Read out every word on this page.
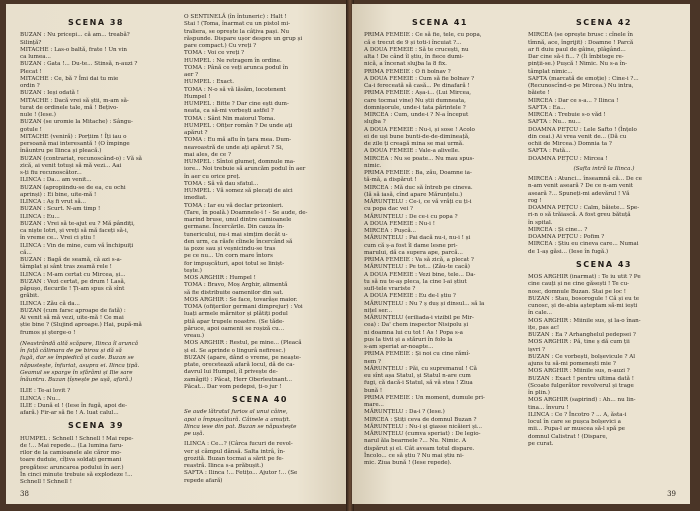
SCENA 38

BUZAN : Nu pricepi... că am... treabă?

Silință?

MITACHE : Las-o baltă, frate ! Un vin

ca lumea...

BUZAN : Gata !... Du-te... Stinsă, n-auzi ?

Plecat !

MITACHE : Ce, bă ? Îmi dai tu mie

ordin ?

BUZAN : Ieși odată !

MITACHE : Dacă vrei să știi, m-am să-

turat de ordinele tale, mă ! Bețivo-

nule ! (Iese.)

BUZAN (se uromie la Mitache) : Sângu-

gotule !

MITACHE (veniră) : Porțiim ! Îți iau o

persoană mai interesantă ! (O împinge

înăuntru pe Ilinca și pleacă.)

BUZAN (contrariat, recunoscând-o) : Vă să

zică, ai venit totuși să mă vezi... Aai

s-ți fiu recunoscător...

ILINCA : Da... am venit...

BUZAN (apropiindu-se de ea, cu ochi

aprinși) : Ei bine, uite-mă !

ILINCA : Aș fi vrut să...

BUZAN : Scurt. N-am timp !

ILINCA : Eu...

BUZAN : Vrei să te-ajut eu ? Mă pândiți,

ca niște lotri, și vreți să mă faceți să-i,

în vreme ce... Vrei ci știu !

ILINCA : Vin de mine, cum vă închipuiți

că...

BUZAN : Bagă de seamă, că azi s-a-

tâmplat și sânt tras zeamă rele !

ILINCA : M-am certat cu Mircea, și...

BUZAN : Vezi certat, pe drum ! Lasă,

păpușo, flecurile ! Ți-am spus că sînt

grăbit.

ILINCA : Zău că da...

BUZAN (cum farsc aproape de fată) :

Ai venit să mă vezi, uite-mă ! Ce mai

știe bine ? (Slujind aproape.) Hai, pupă-mă

frumos și șterge-o !

(Neastrândă altă scăpare, Ilinca îl aruncă

în față câlimara de pe birou și dă să

fugă, dar se împiedică și cade. Buzan se

năpustește, înfuriat, asupra ei. Ilinca țipă.

Geamul se sparge în sfărâmi și Ilie sare

înăuntru. Buzan țîșnește pe ușă, afară.)

ILIE : Te-ai lovit ?

ILINCA : Nu...

ILIE : Dună el ! (Iese în fugă, apoi de-

afară.) Fir-ar să fie ! A. luat calul...

SCENA 39

HUMPEL : Schnell ! Schnell ! Mai repe-

de !... Mai repede... (La lumina faru-

rilor de la camioanele ale căror mo-

toare duduie, cîțiva soldați germani

pregătesc aruncarea podului în aer.)

În cinci minute trebuie să explodeze !...

Schnell ! Schnell !

O SENTINELĂ (în întuneric) : Halt !

Stai ! (Toma, înarmat cu un pistol mi-

traliera, se oprește la câțiva pași. Nu

răspunde. Dispare ușor despre un grup și

pare compact.) Cu vreți ?

TOMA : Voi ce vreți ?

HUMPEL : Ne retragem în ordine.

TOMA : Până ce veți arunca podul în

aer ?

HUMPEL : Exact.

TOMA : N-o să vă lăsăm, locotenent

Humpel !

HUMPEL : Bitte ? Dar cine ești dum-

neata, ca să-mi vorbești astfel ?

TOMA : Sânt Nin maiorul Toma.

HUMPEL : Ofițer român ? De unde ați

apărut ?

TOMA : Eu mă aflu în țara mea. Dum-

neavoastră de unde ați apărut ? Si,

mai ales, de ce ?

HUMPEL : Sîntoi glumeț, domnule ma-

iore... Noi trebuie să aruncăm podul în aer

în aer cu orice preț.

TOMA : Să vă dau sfatul...

HUMPEL : Vă somez să plecați de aici

imediat.

TOMA : Iar eu vă declar prizonieri.

(Tare, în poală.) Doamnele-i ! - Se aude, de-

marind bruse, unul dintre camioanele

germane. Încercările. Din cauza în-

tunericului, nu-i mai simțim decât u-

den urm, ca răsfe cîinele încercând să

ia poze sau și veșnicindu-se tras

pe ce nu... Un corn mare întors

for impușcături, apoi totul se linișt-

tește.)

MOS ARGHIR : Humpel !

TOMA : Bravo, Moș Arghir, alimentă

să fie distribuite oamenilor din sat.

MOS ARGHIR : Se face, tovarășe maior.

TOMA (ofițerilor germani dimprejur) : Voi

luați armele mărnitor și plătiți podul

ptiă apar trupele noastre. (Se tăde-

păruce, apoi oamenii se roșiză cu...

vreau.)

MOS ARGHIR : Restul, pe mine... (Pleacă

și el. Se aprinde o lingurâ nefiresc.)

BUZAN (apare, dând o vreme, pe neaște-

ptate, orecetează afară locul, dă de ca-

davrul lui Humpel, îl privește de-

zamăgit) : Păcat, Herr Oberleutnant...

Păcat... Dar vom pedepsi, ți-o jur !

SCENA 40

Se aude lătratul furios al unui câine,

apoi o împușcătură. Câinele a amuțit.

Ilinca iese din pat. Buzan se năpustește

pe ușă.

ILINCA : Ce...? (Cârca fucuri de revol-

ver și câmpul dânsă. Salta intrâ, în-

grozită. Buzan tocmai a sărit pe fe-

reastră. Ilinca s-a prăbușit.)

SAFTA : Ilinca !... Fetițo... Ajutor !... (Se

repede afară)

38

SCENA 41

PRIMA FEMEIE : Ce să fie, tele, cu popa,

că e trecut de 9 și toti-i încuiat ?...

A DOUA FEMEIE : Să te crucești, nu

alta ! De când îl știu, în fiece dumi-

nică, a încenat slujba la 8 fix.

PRIMA FEMEIE : O fi bolnav ?

A DOUA FEMEIE : Cum să fie bolnav ?

Ca-i fereceată să casă... Pe dinafară !

PRIMA FEMEIE : Așa-i... (Lui Mircea,

care tocmai vine) Nu știi dumneata,

domnișorule, unde-i tata părintele ?

MIRCEA : Cum, unde-i ? N-a început

slujba ?

A DOUA FEMEIE : Nu-i, și sose ! Acolo

ei de uși bune bunti-de-de-dimineață,

de zile ți creagă mina se mai urmă.

A DOUA FEMEIE : Vale-a alivelle.

MIRCEA : Nu se poate... Nu mau spus-

nimic.

PRIMA FEMEIE : Ba, zău, Doamne ia-

tă-mă, a dispărut !

MIRCEA : Mă duc să întreb pe cineva.

(Iă să iasă, cînd apare Mărunțelu.)

MĂRUNȚELU : Ce-i, ce vă vrăți cu ți-i

cu popa dac vei ?

MĂRUNȚELU : De ce-i cu popa ?

A DOUA FEMEIE : Nu-i !

MIRCEA : Pușcă...

MĂRUNȚELU : Pai dacă nu-i, nu-i ! și

cum că ș-a fost îl dame lesne pri-

marului, dă ca supera ape, parcă...

PRIMA FEMEIE : Va să zică, a plecat ?

MĂRUNȚELU : Pe tot... (Zău-te cacă)

A DOUA FEMEIE : Vezi bine, tele... Da-

tu să nu te-aș pleca, la cine l-ai știut

sufl-tele vrariste ?

A DOUA FEMEIE : Eu de-l știu ?

MĂRUNȚELU : Nu ? ș duș și dinsul... să la

nițel ser...

MĂRUNȚELU (eriliada-i vizibil pe Mir-

cea) : Da' chem inspector Nisipolu și

ni doamna lui cu tot ! As ! Popa s-a

pus la tivii și a stăruri în folo la

s-am speriat ar-noapte...

PRIMA FEMEIE : Și noi cu cine rămî-

nem ?

MĂRUNȚELU : Păi, cu supremanul ! Că

eu sînt așa Statul, și Statul n-are cum

fugi, că dacă-i Statul, să vă stea ! Ziua

bună !

PRIMA FEMEIE : Un moment, dumule pri-

mare...

MĂRUNȚELU : Da-i ? (Iese.)

MIRCEA : Știți ceva de domnul Buzan ?

MĂRUNȚELU : Nu-i și giasse nicăieri și...

MĂRUNȚELU (cumva speriat) : De legio-

narul ăla bearmele ?... Nu. Nimic. A

dispărut și el. Cât aveam totul dispare.

Încolo... ce să știu ? Nu mai știu ni-

mic. Ziua bună ! (Iese repede).

SCENA 42

MIRCEA (se oprește brusc : cînele în

tîmnă, ace, îngrijit) : Doamne ! Parcă

ar fi duiu paul de gâine, plâgând...

Dar cine să-i fi... ? (Îi îmbitege re-

pinții-se.) Pușcă ! Nimic. Nu s-a în-

tâmplat nimic...

SAFTA (marcată de emoție) : Cine-i ?...

(Recunoscînd-o pe Mircea.) Nu intra,

băiete !

MIRCEA : Dar ce s-a... ? Ilinca !

SAFTA : Ea...

MIRCEA : Trebuie s-o văd !

SAFTA : Nu... nu...

DOAMNA PEȚCU : Lele Safto ! (Înțelo

din ceai.) Ai vrea venit de... (Dă cu

ochii de Mircea.) Domnia ta ?

SAFTA : Fată...

DOAMNA PEȚCU : Mircea !

(Safta intră la Ilinca.)

MIRCEA : Atunci... înseamnă că... De ce

n-am venit aseară ? De ce n-am venit

aseară ?... Spuneți-mi adevărul ! Vă

rog !

DOAMNA PEȚCU : Calm, băiete... Spe-

ri-n o să trăiască. A fost greu bătuță

în spital.

MIRCEA : Și cine... ?

DOAMNA PEȚCU : Pofim ?

MIRCEA : Știu eu cineva care... Numai

de 1-aș găsi... (Iese în fugă.)

SCENA 43

MOS ARGHIR (inarmat) : Te iu utit ? Pe

cine cauți și ne cine găsești ! Te cu-

nosc, domnule Buzan. Stai pe loc !

BUZAN : Stau, bosorogule ! Că și eu te

cunosc, și de-abia așteptam să-mi iești

în cale...

MOS ARGHIR : Miinile sus, și la-o înan-

ițe, pas ac!

BUZAN : Ea ? Arhanghelul pedepsei ?

MOS ARGHIR : Pă, tine ș dă cum ții

ișvri ?

BUZAN : Ce vorbești, bolșevicule ? Al

ajuns tu să-mi pomenești mie ?

MOS ARGHIR : Miinile sus, n-auzi ?

BUZAN : Exact ! pentru ultima dată !

(Scoate fulgerător revolverul și trage

în plin.)

MOS ARGHIR (sapirind) : Ah... nu lin-

tina... învuru !

ILINCA : Ce ? Încotro ? ... A, ăsta-i

locul în care se pușca bolșevici a

mii... Pupa-l ar muscea să-l spă pe

domnul Calistrat ! (Dispare,

pe curat.

39
